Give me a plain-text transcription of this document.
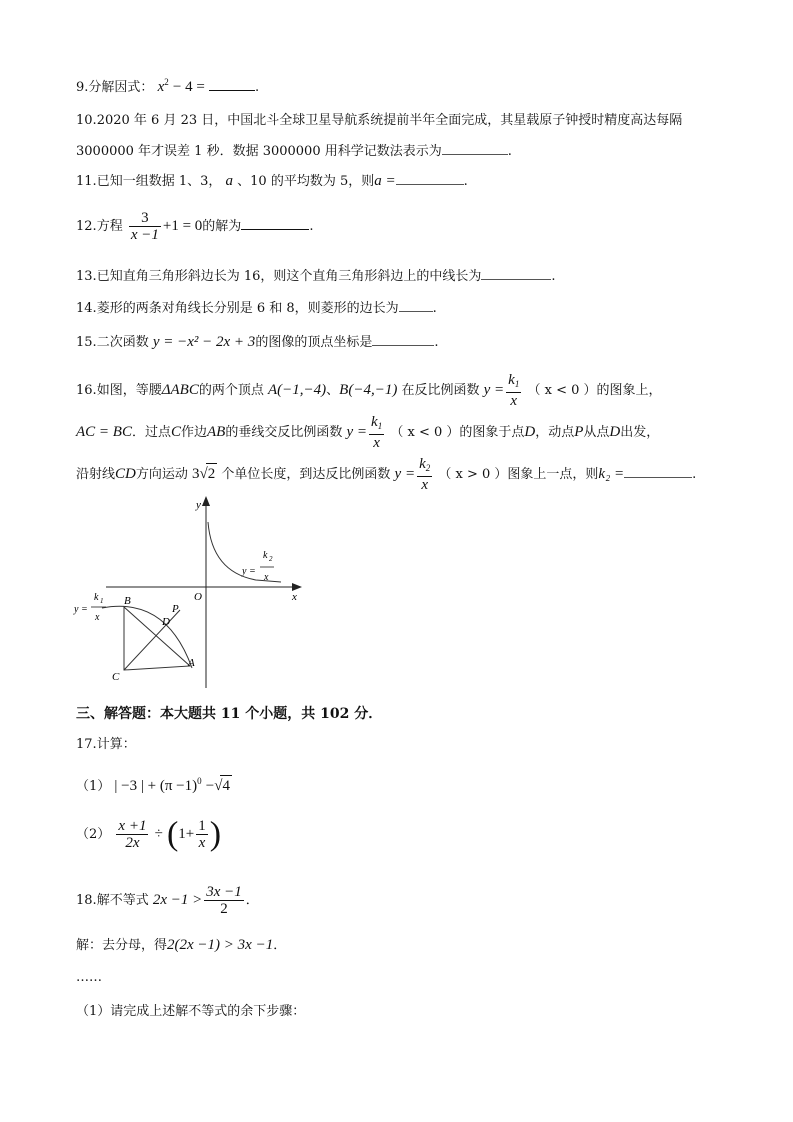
9.分解因式： $x^2 - 4$ =	.
10.2020 年 6 月 23 日，中国北斗全球卫星导航系统提前半年全面完成，其星载原子钟授时精度高达每隔
3000000 年才误差 1 秒．数据 3000000 用科学记数法表示为	.
11.已知一组数据 1、3， a 、10 的平均数为 5，则a =	.
12.方程 $\frac{3}{x -1} +1 = 0$的解为	.
13.已知直角三角形斜边长为 16，则这个直角三角形斜边上的中线长为	.
14.菱形的两条对角线长分别是 6 和 8，则菱形的边长为	.
15.二次函数 y = −x² − 2x + 3的图像的顶点坐标是	.
16.如图，等腰ΔABC的两个顶点 A(−1,−4)、B(−4,−1) 在反比例函数 $y = \frac{k_1}{x}$ （ x < 0 ）的图象上，
AC = BC．过点C作边AB的垂线交反比例函数 $y = \frac{k_1}{x}$ （ x < 0 ）的图象于点D，动点P从点D出发，
沿射线CD方向运动 3√2 个单位长度，到达反比例函数 $y = \frac{k_2}{x}$ （ x > 0 ）图象上一点，则k₂ =	.
y
x
O
y =
k 2
x
y =
k 1
x
B
A
C
D
P
三、解答题：本大题共 11 个小题，共 102 分．
17.计算：
（1） | −3 | + $(\pi -1)^0 -√4$
$(2) \frac{x +1}{2x} \div (1+ \frac{1}{x}$ )
18.解不等式 $2x -1 > \frac{3x -1}{2}$ ．
解：去分母，得2(2x −1) > 3x −1．
……
（1）请完成上述解不等式的余下步骤：
